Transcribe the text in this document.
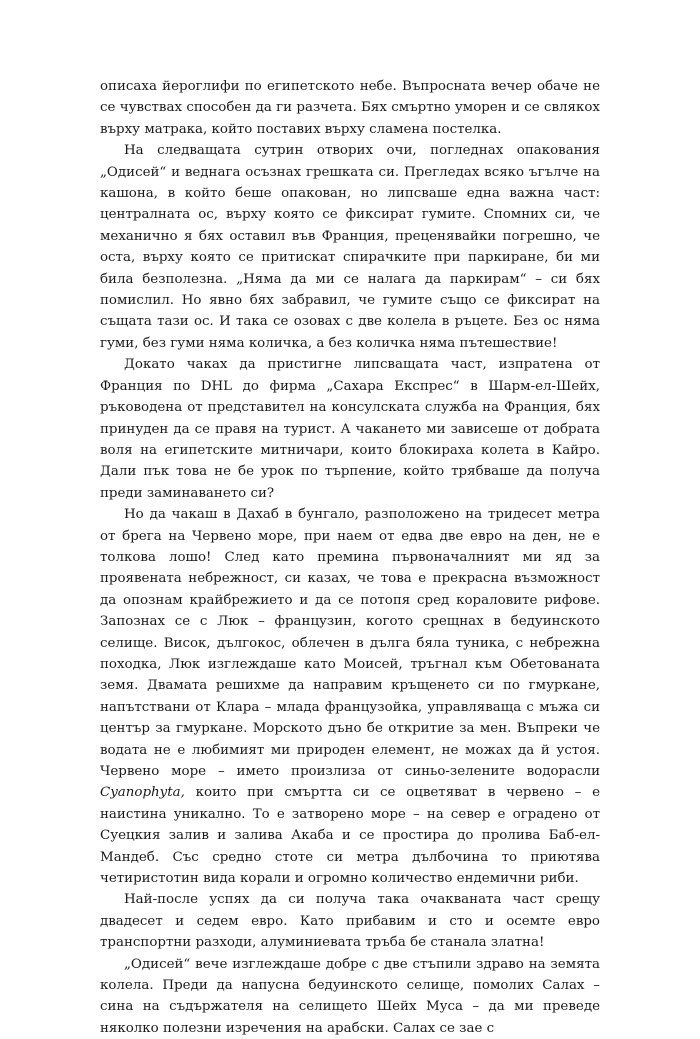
описаха йероглифи по египетското небе. Въпросната вечер обаче не се чувствах способен да ги разчета. Бях смъртно уморен и се свлякох върху матрака, който поставих върху сламена постелка.

На следващата сутрин отворих очи, погледнах опакования „Одисей“ и веднага осъзнах грешката си. Прегледах всяко ъгълче на кашона, в който беше опакован, но липсваше една важна част: централната ос, върху която се фиксират гумите. Спомних си, че механично я бях оставил във Франция, преценявайки погрешно, че оста, върху която се притискат спирачките при паркиране, би ми била безполезна. „Няма да ми се налага да паркирам“ – си бях помислил. Но явно бях забравил, че гумите също се фиксират на същата тази ос. И така се озовах с две колела в ръцете. Без ос няма гуми, без гуми няма количка, а без количка няма пътешествие!

Докато чаках да пристигне липсващата част, изпратена от Франция по DHL до фирма „Сахара Експрес“ в Шарм-ел-Шейх, ръководена от представител на консулската служба на Франция, бях принуден да се правя на турист. А чакането ми зависеше от добрата воля на египетските митничари, които блокираха колета в Кайро. Дали пък това не бе урок по търпение, който трябваше да получа преди заминаването си?

Но да чакаш в Дахаб в бунгало, разположено на тридесет метра от брега на Червено море, при наем от едва две евро на ден, не е толкова лошо! След като премина първоначалният ми яд за проявената небрежност, си казах, че това е прекрасна възможност да опознам крайбрежието и да се потопя сред кораловите рифове. Запознах се с Люк – французин, когото срещнах в бедуинското селище. Висок, дългокос, облечен в дълга бяла туника, с небрежна походка, Люк изглеждаше като Моисей, тръгнал към Обетованата земя. Двамата решихме да направим кръщенето си по гмуркане, напътствани от Клара – млада французойка, управляваща с мъжа си център за гмуркане. Морското дъно бе откритие за мен. Въпреки че водата не е любимият ми природен елемент, не можах да й устоя. Червено море – името произлиза от синьо-зелените водорасли Cyanophyta, които при смъртта си се оцветяват в червено – е наистина уникално. То е затворено море – на север е оградено от Суецкия залив и залива Акаба и се простира до пролива Баб-ел-Мандеб. Със средно стоте си метра дълбочина то приютява четиристотин вида корали и огромно количество ендемични риби.

Най-после успях да си получа така очакваната част срещу двадесет и седем евро. Като прибавим и сто и осемте евро транспортни разходи, алуминиевата тръба бе станала златна!

„Одисей“ вече изглеждаше добре с две стъпили здраво на земята колела. Преди да напусна бедуинското селище, помолих Салах – сина на съдържателя на селището Шейх Муса – да ми преведе няколко полезни изречения на арабски. Салах се зае с
